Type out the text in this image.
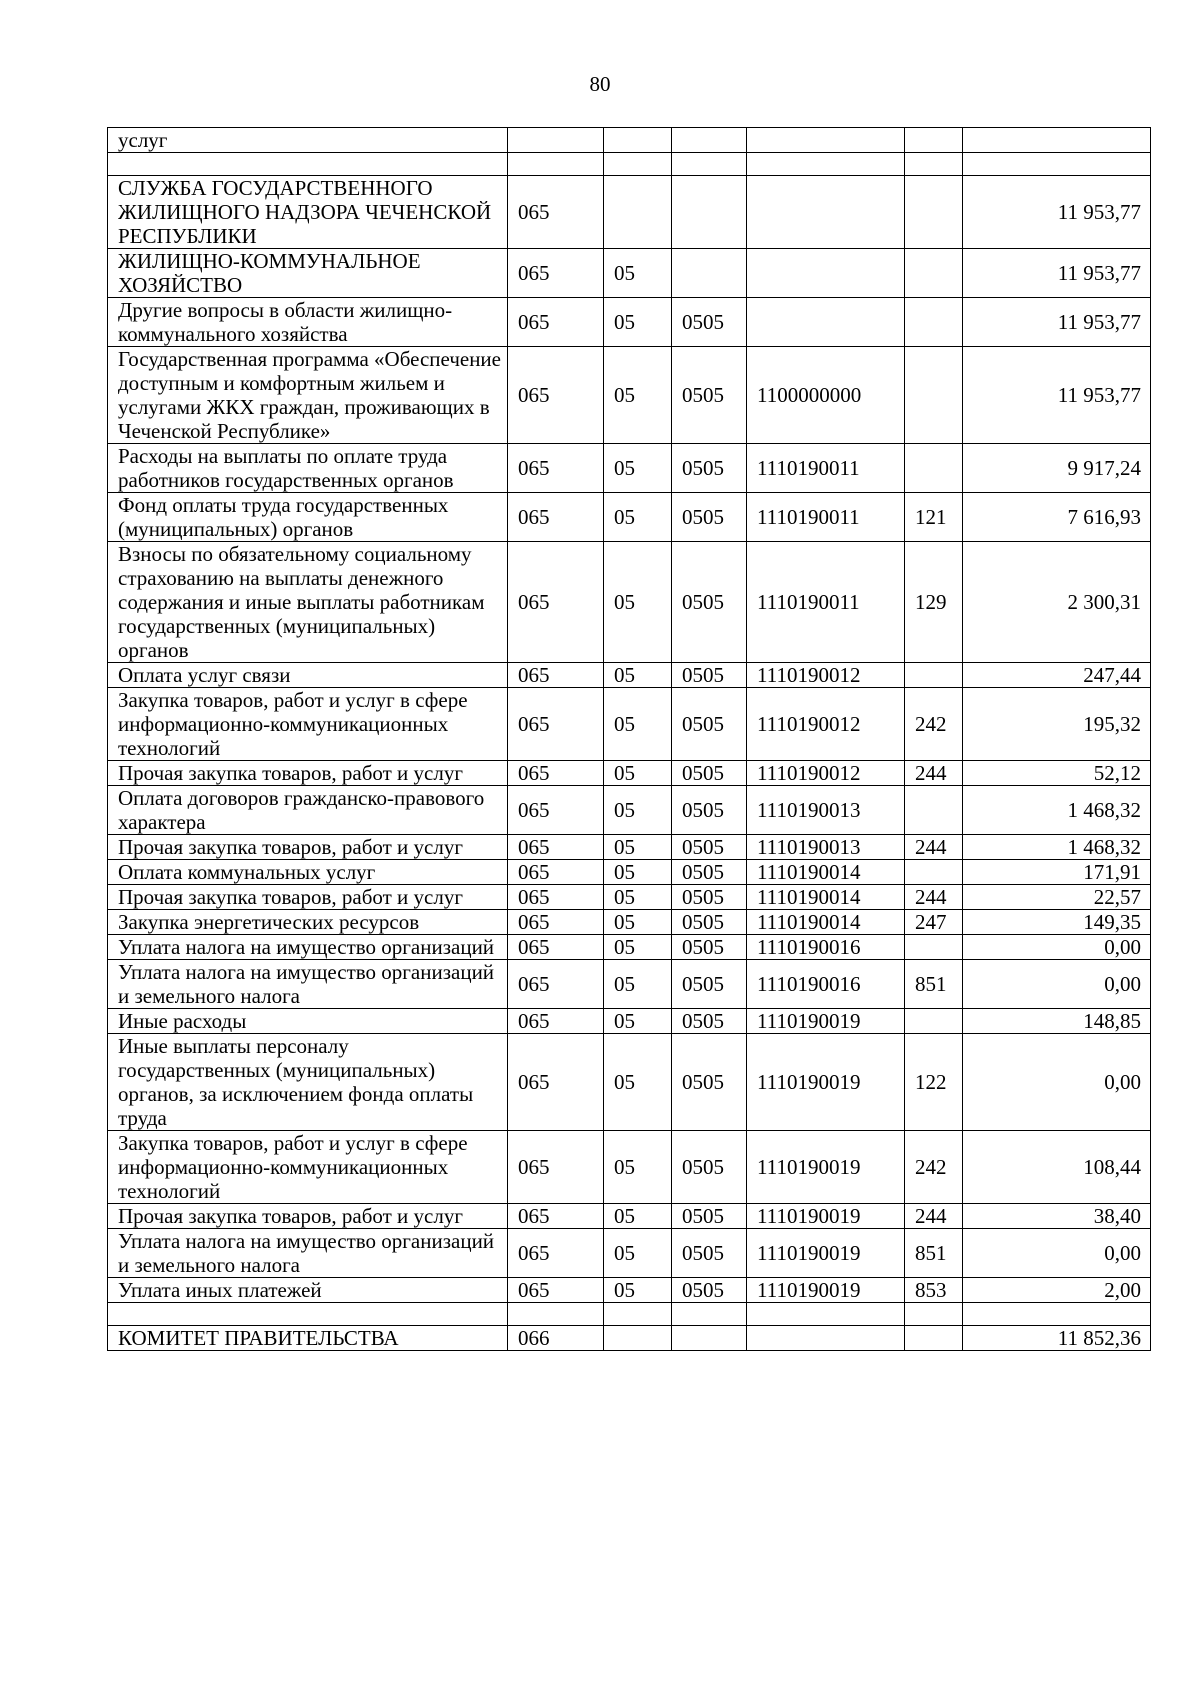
80
услуг						

СЛУЖБА ГОСУДАРСТВЕННОГО ЖИЛИЩНОГО НАДЗОРА ЧЕЧЕНСКОЙ РЕСПУБЛИКИ	065					11 953,77
ЖИЛИЩНО-КОММУНАЛЬНОЕ ХОЗЯЙСТВО	065	05				11 953,77
Другие вопросы в области жилищно-коммунального хозяйства	065	05	0505			11 953,77
Государственная программа «Обеспечение доступным и комфортным жильем и услугами ЖКХ граждан, проживающих в Чеченской Республике»	065	05	0505	1100000000		11 953,77
Расходы на выплаты по оплате труда работников государственных органов	065	05	0505	1110190011		9 917,24
Фонд оплаты труда государственных (муниципальных) органов	065	05	0505	1110190011	121	7 616,93
Взносы по обязательному социальному страхованию на выплаты денежного содержания и иные выплаты работникам государственных (муниципальных) органов	065	05	0505	1110190011	129	2 300,31
Оплата услуг связи	065	05	0505	1110190012		247,44
Закупка товаров, работ и услуг в сфере информационно-коммуникационных технологий	065	05	0505	1110190012	242	195,32
Прочая закупка товаров, работ и услуг	065	05	0505	1110190012	244	52,12
Оплата договоров гражданско-правового характера	065	05	0505	1110190013		1 468,32
Прочая закупка товаров, работ и услуг	065	05	0505	1110190013	244	1 468,32
Оплата коммунальных услуг	065	05	0505	1110190014		171,91
Прочая закупка товаров, работ и услуг	065	05	0505	1110190014	244	22,57
Закупка энергетических ресурсов	065	05	0505	1110190014	247	149,35
Уплата налога на имущество организаций	065	05	0505	1110190016		0,00
Уплата налога на имущество организаций и земельного налога	065	05	0505	1110190016	851	0,00
Иные расходы	065	05	0505	1110190019		148,85
Иные выплаты персоналу государственных (муниципальных) органов, за исключением фонда оплаты труда	065	05	0505	1110190019	122	0,00
Закупка товаров, работ и услуг в сфере информационно-коммуникационных технологий	065	05	0505	1110190019	242	108,44
Прочая закупка товаров, работ и услуг	065	05	0505	1110190019	244	38,40
Уплата налога на имущество организаций и земельного налога	065	05	0505	1110190019	851	0,00
Уплата иных платежей	065	05	0505	1110190019	853	2,00

КОМИТЕТ ПРАВИТЕЛЬСТВА	066					11 852,36
